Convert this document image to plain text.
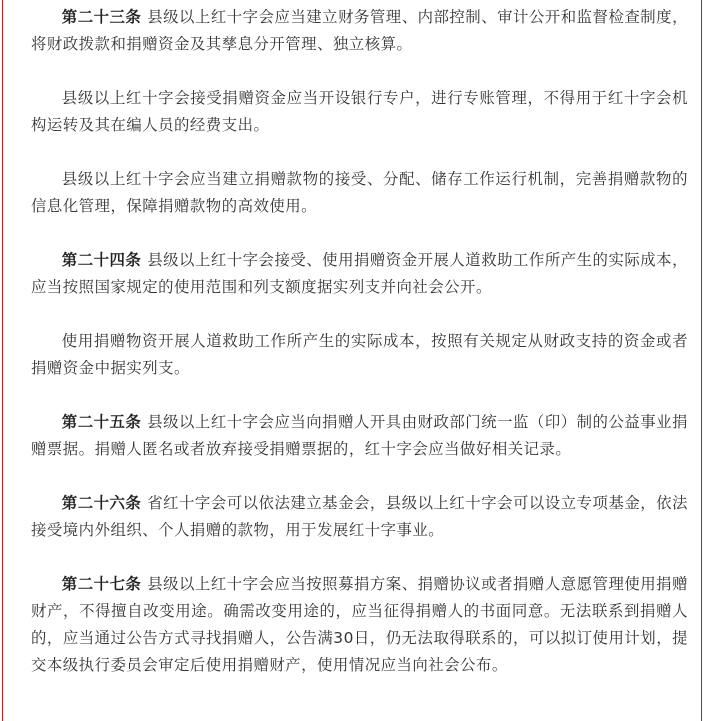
第二十三条 县级以上红十字会应当建立财务管理、内部控制、审计公开和监督检查制度，将财政拨款和捐赠资金及其孳息分开管理、独立核算。

县级以上红十字会接受捐赠资金应当开设银行专户，进行专账管理，不得用于红十字会机构运转及其在编人员的经费支出。

县级以上红十字会应当建立捐赠款物的接受、分配、储存工作运行机制，完善捐赠款物的信息化管理，保障捐赠款物的高效使用。

第二十四条 县级以上红十字会接受、使用捐赠资金开展人道救助工作所产生的实际成本，应当按照国家规定的使用范围和列支额度据实列支并向社会公开。

使用捐赠物资开展人道救助工作所产生的实际成本，按照有关规定从财政支持的资金或者捐赠资金中据实列支。

第二十五条 县级以上红十字会应当向捐赠人开具由财政部门统一监（印）制的公益事业捐赠票据。捐赠人匿名或者放弃接受捐赠票据的，红十字会应当做好相关记录。

第二十六条 省红十字会可以依法建立基金会，县级以上红十字会可以设立专项基金，依法接受境内外组织、个人捐赠的款物，用于发展红十字事业。

第二十七条 县级以上红十字会应当按照募捐方案、捐赠协议或者捐赠人意愿管理使用捐赠财产，不得擅自改变用途。确需改变用途的，应当征得捐赠人的书面同意。无法联系到捐赠人的，应当通过公告方式寻找捐赠人，公告满30日，仍无法取得联系的，可以拟订使用计划，提交本级执行委员会审定后使用捐赠财产，使用情况应当向社会公布。
